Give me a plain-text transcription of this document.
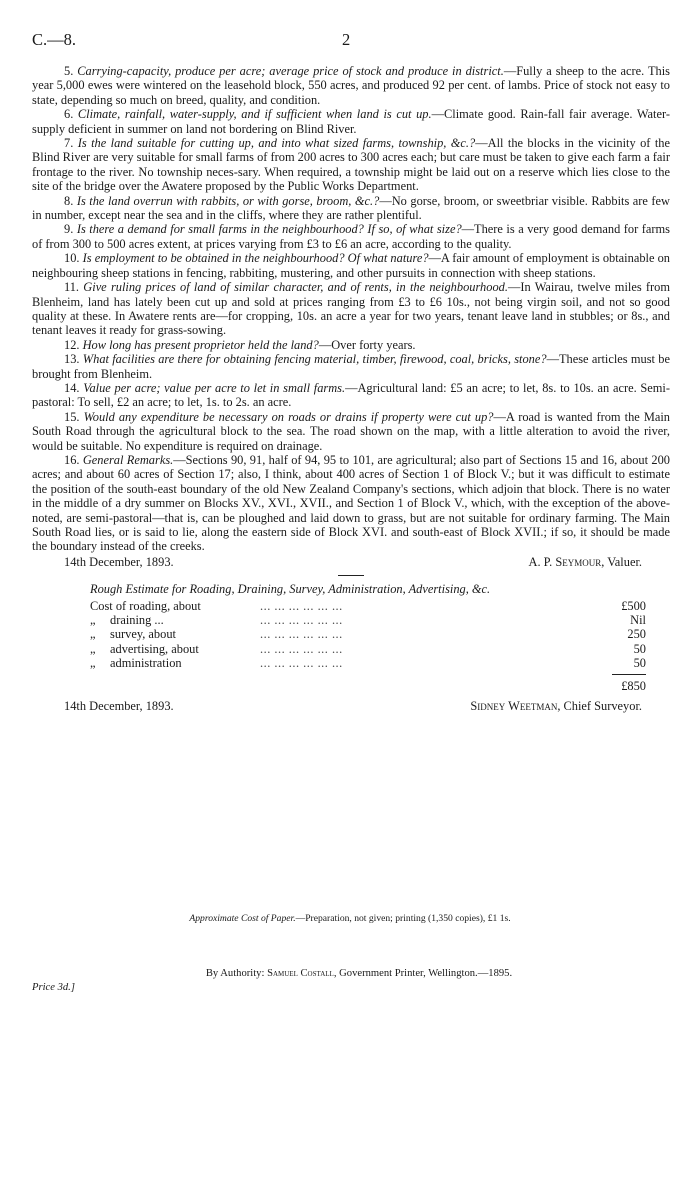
C.—8.	2

5. Carrying-capacity, produce per acre; average price of stock and produce in district.—Fully a sheep to the acre. This year 5,000 ewes were wintered on the leasehold block, 550 acres, and produced 92 per cent. of lambs. Price of stock not easy to state, depending so much on breed, quality, and condition.

6. Climate, rainfall, water-supply, and if sufficient when land is cut up.—Climate good. Rain-fall fair average. Water-supply deficient in summer on land not bordering on Blind River.

7. Is the land suitable for cutting up, and into what sized farms, township, &c.?—All the blocks in the vicinity of the Blind River are very suitable for small farms of from 200 acres to 300 acres each; but care must be taken to give each farm a fair frontage to the river. No township neces-sary. When required, a township might be laid out on a reserve which lies close to the site of the bridge over the Awatere proposed by the Public Works Department.

8. Is the land overrun with rabbits, or with gorse, broom, &c.?—No gorse, broom, or sweetbriar visible. Rabbits are few in number, except near the sea and in the cliffs, where they are rather plentiful.

9. Is there a demand for small farms in the neighbourhood? If so, of what size?—There is a very good demand for farms of from 300 to 500 acres extent, at prices varying from £3 to £6 an acre, according to the quality.

10. Is employment to be obtained in the neighbourhood? Of what nature?—A fair amount of employment is obtainable on neighbouring sheep stations in fencing, rabbiting, mustering, and other pursuits in connection with sheep stations.

11. Give ruling prices of land of similar character, and of rents, in the neighbourhood.—In Wairau, twelve miles from Blenheim, land has lately been cut up and sold at prices ranging from £3 to £6 10s., not being virgin soil, and not so good quality at these. In Awatere rents are—for cropping, 10s. an acre a year for two years, tenant leave land in stubbles; or 8s., and tenant leaves it ready for grass-sowing.

12. How long has present proprietor held the land?—Over forty years.

13. What facilities are there for obtaining fencing material, timber, firewood, coal, bricks, stone?—These articles must be brought from Blenheim.

14. Value per acre; value per acre to let in small farms.—Agricultural land: £5 an acre; to let, 8s. to 10s. an acre. Semi-pastoral: To sell, £2 an acre; to let, 1s. to 2s. an acre.

15. Would any expenditure be necessary on roads or drains if property were cut up?—A road is wanted from the Main South Road through the agricultural block to the sea. The road shown on the map, with a little alteration to avoid the river, would be suitable. No expenditure is required on drainage.

16. General Remarks.—Sections 90, 91, half of 94, 95 to 101, are agricultural; also part of Sections 15 and 16, about 200 acres; and about 60 acres of Section 17; also, I think, about 400 acres of Section 1 of Block V.; but it was difficult to estimate the position of the south-east boundary of the old New Zealand Company's sections, which adjoin that block. There is no water in the middle of a dry summer on Blocks XV., XVI., XVII., and Section 1 of Block V., which, with the exception of the above-noted, are semi-pastoral—that is, can be ploughed and laid down to grass, but are not suitable for ordinary farming. The Main South Road lies, or is said to lie, along the eastern side of Block XVI. and south-east of Block XVII.; if so, it should be made the boundary instead of the creeks.

14th December, 1893.	A. P. Seymour, Valuer.
Rough Estimate for Roading, Draining, Survey, Administration, Advertising, &c.
Cost of roading, about		... ... ... ... ... ...	£500
„	draining ...	... ... ... ... ... ...	Nil
„	survey, about	... ... ... ... ... ...	250
„	advertising, about	... ... ... ... ... ...	50
„	administration	... ... ... ... ... ...	50
£850
14th December, 1893.	Sidney Weetman, Chief Surveyor.
Approximate Cost of Paper.—Preparation, not given; printing (1,350 copies), £1 1s.
By Authority: Samuel Costall, Government Printer, Wellington.—1895.
Price 3d.]
